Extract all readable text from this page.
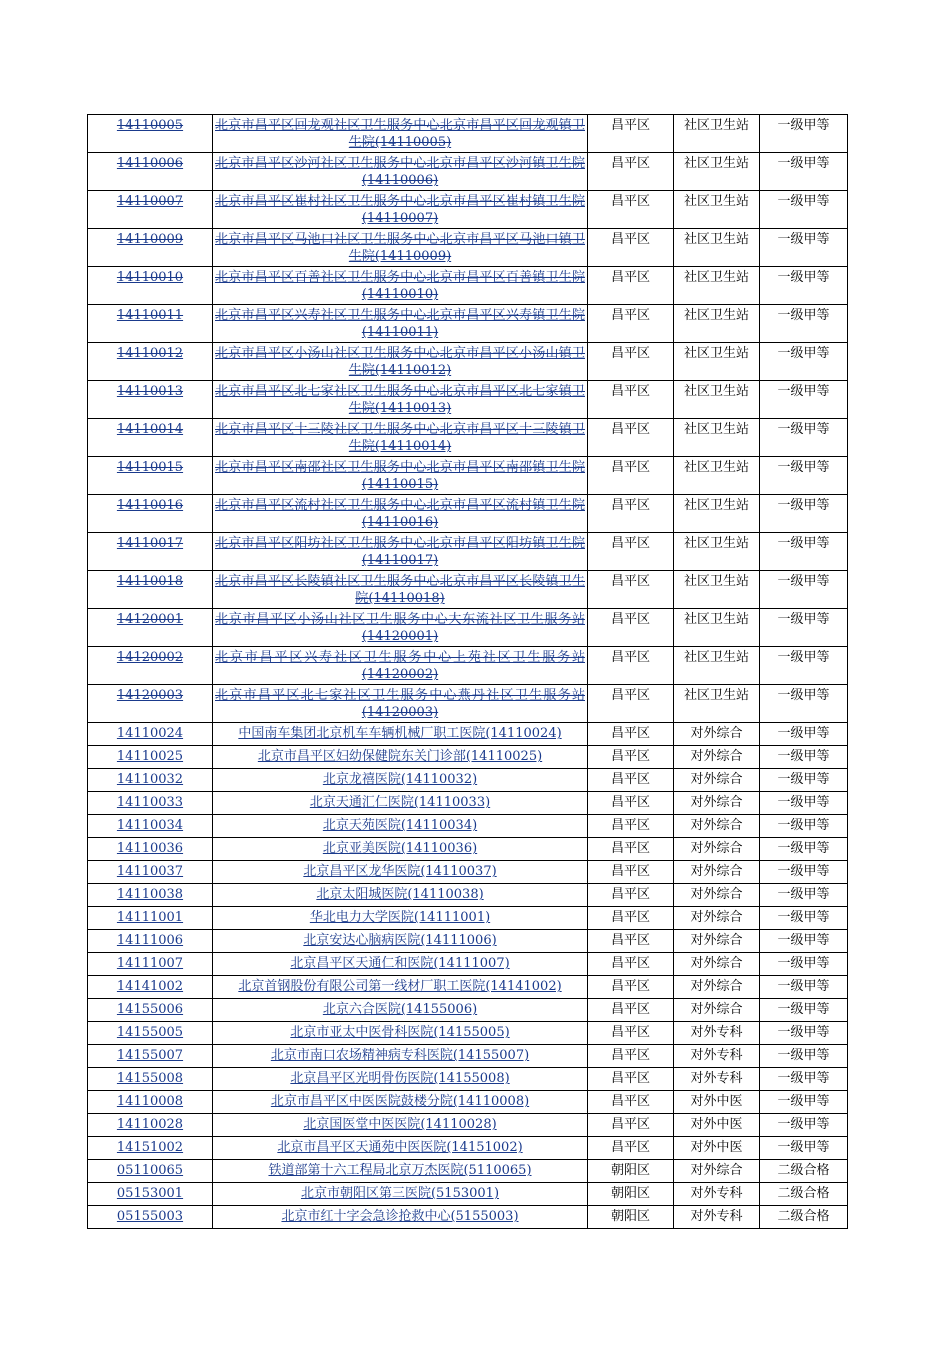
14110005	北京市昌平区回龙观社区卫生服务中心北京市昌平区回龙观镇卫生院(14110005)	昌平区	社区卫生站	一级甲等
14110006	北京市昌平区沙河社区卫生服务中心北京市昌平区沙河镇卫生院(14110006)	昌平区	社区卫生站	一级甲等
14110007	北京市昌平区崔村社区卫生服务中心北京市昌平区崔村镇卫生院(14110007)	昌平区	社区卫生站	一级甲等
14110009	北京市昌平区马池口社区卫生服务中心北京市昌平区马池口镇卫生院(14110009)	昌平区	社区卫生站	一级甲等
14110010	北京市昌平区百善社区卫生服务中心北京市昌平区百善镇卫生院(14110010)	昌平区	社区卫生站	一级甲等
14110011	北京市昌平区兴寿社区卫生服务中心北京市昌平区兴寿镇卫生院(14110011)	昌平区	社区卫生站	一级甲等
14110012	北京市昌平区小汤山社区卫生服务中心北京市昌平区小汤山镇卫生院(14110012)	昌平区	社区卫生站	一级甲等
14110013	北京市昌平区北七家社区卫生服务中心北京市昌平区北七家镇卫生院(14110013)	昌平区	社区卫生站	一级甲等
14110014	北京市昌平区十三陵社区卫生服务中心北京市昌平区十三陵镇卫生院(14110014)	昌平区	社区卫生站	一级甲等
14110015	北京市昌平区南邵社区卫生服务中心北京市昌平区南邵镇卫生院(14110015)	昌平区	社区卫生站	一级甲等
14110016	北京市昌平区流村社区卫生服务中心北京市昌平区流村镇卫生院(14110016)	昌平区	社区卫生站	一级甲等
14110017	北京市昌平区阳坊社区卫生服务中心北京市昌平区阳坊镇卫生院(14110017)	昌平区	社区卫生站	一级甲等
14110018	北京市昌平区长陵镇社区卫生服务中心北京市昌平区长陵镇卫生院(14110018)	昌平区	社区卫生站	一级甲等
14120001	北京市昌平区小汤山社区卫生服务中心大东流社区卫生服务站(14120001)	昌平区	社区卫生站	一级甲等
14120002	北京市昌平区兴寿社区卫生服务中心上苑社区卫生服务站(14120002)	昌平区	社区卫生站	一级甲等
14120003	北京市昌平区北七家社区卫生服务中心燕丹社区卫生服务站(14120003)	昌平区	社区卫生站	一级甲等
14110024	中国南车集团北京机车车辆机械厂职工医院(14110024)	昌平区	对外综合	一级甲等
14110025	北京市昌平区妇幼保健院东关门诊部(14110025)	昌平区	对外综合	一级甲等
14110032	北京龙禧医院(14110032)	昌平区	对外综合	一级甲等
14110033	北京天通汇仁医院(14110033)	昌平区	对外综合	一级甲等
14110034	北京天苑医院(14110034)	昌平区	对外综合	一级甲等
14110036	北京亚美医院(14110036)	昌平区	对外综合	一级甲等
14110037	北京昌平区龙华医院(14110037)	昌平区	对外综合	一级甲等
14110038	北京太阳城医院(14110038)	昌平区	对外综合	一级甲等
14111001	华北电力大学医院(14111001)	昌平区	对外综合	一级甲等
14111006	北京安达心脑病医院(14111006)	昌平区	对外综合	一级甲等
14111007	北京昌平区天通仁和医院(14111007)	昌平区	对外综合	一级甲等
14141002	北京首钢股份有限公司第一线材厂职工医院(14141002)	昌平区	对外综合	一级甲等
14155006	北京六合医院(14155006)	昌平区	对外综合	一级甲等
14155005	北京市亚太中医骨科医院(14155005)	昌平区	对外专科	一级甲等
14155007	北京市南口农场精神病专科医院(14155007)	昌平区	对外专科	一级甲等
14155008	北京昌平区光明骨伤医院(14155008)	昌平区	对外专科	一级甲等
14110008	北京市昌平区中医医院鼓楼分院(14110008)	昌平区	对外中医	一级甲等
14110028	北京国医堂中医医院(14110028)	昌平区	对外中医	一级甲等
14151002	北京市昌平区天通苑中医医院(14151002)	昌平区	对外中医	一级甲等
05110065	铁道部第十六工程局北京万杰医院(5110065)	朝阳区	对外综合	二级合格
05153001	北京市朝阳区第三医院(5153001)	朝阳区	对外专科	二级合格
05155003	北京市红十字会急诊抢救中心(5155003)	朝阳区	对外专科	二级合格
